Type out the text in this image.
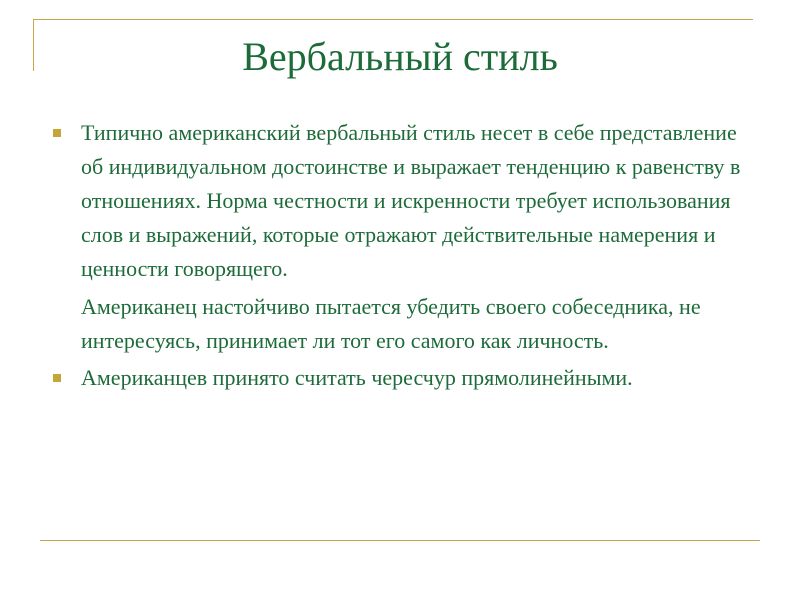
Вербальный стиль
Типично американский вербальный стиль несет в себе представление об индивидуальном достоинстве и выражает тенденцию к равенству в отношениях. Норма честности и искренности требует использования слов и выражений, которые отражают действительные намерения и ценности говорящего.
Американец настойчиво пытается убедить своего собеседника, не интересуясь, принимает ли тот его самого как личность.
Американцев принято считать чересчур прямолинейными.
